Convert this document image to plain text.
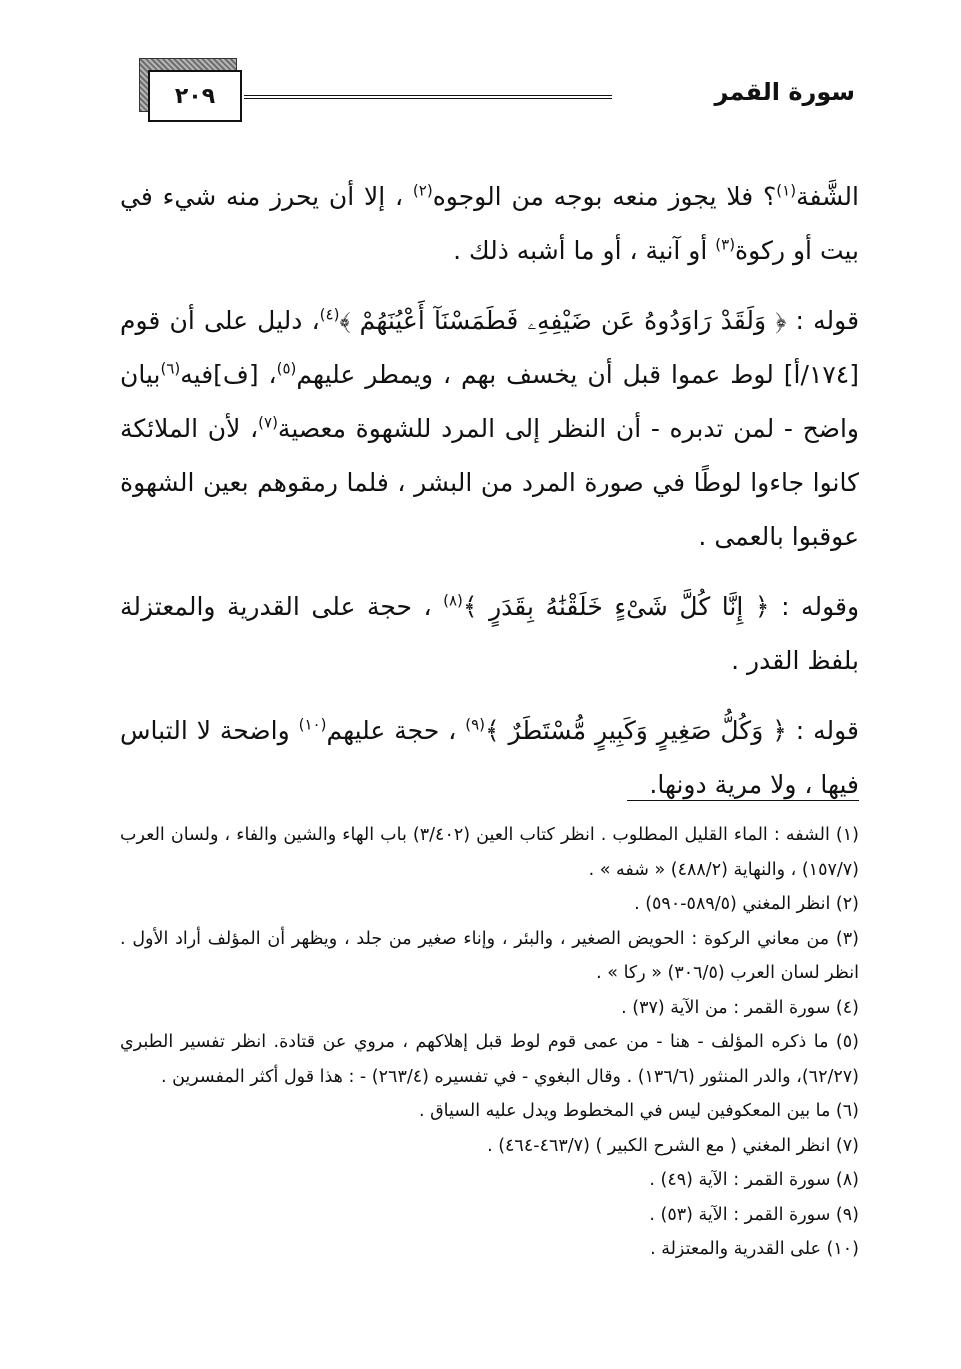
٢٠٩	سورة القمر

الشَّفة$^{(١)}$؟ فلا يجوز منعه بوجه من الوجوه$^{(٢)}$ ، إلا أن يحرز منه شيء في بيت أو ركوة$^{(٣)}$ أو آنية ، أو ما أشبه ذلك .

قوله : ﴿ وَلَقَدْ رَاوَدُوهُ عَن ضَيْفِهِۦ فَطَمَسْنَآ أَعْيُنَهُمْ ﴾$^{(٤)}$، دليل على أن قوم [١٧٤/أ] لوط عموا قبل أن يخسف بهم ، ويمطر عليهم$^{(٥)}$، [ف]فيه$^{(٦)}$بيان واضح - لمن تدبره - أن النظر إلى المرد للشهوة معصية$^{(٧)}$، لأن الملائكة كانوا جاءوا لوطًا في صورة المرد من البشر ، فلما رمقوهم بعين الشهوة عوقبوا بالعمى .

وقوله : ﴿ إِنَّا كُلَّ شَىْءٍ خَلَقْنَٰهُ بِقَدَرٍ ﴾$^{(٨)}$ ، حجة على القدرية والمعتزلة بلفظ القدر .

قوله : ﴿ وَكُلُّ صَغِيرٍ وَكَبِيرٍ مُّسْتَطَرٌ ﴾$^{(٩)}$ ، حجة عليهم$^{(١٠)}$ واضحة لا التباس فيها ، ولا مرية دونها.

(١) الشفه : الماء القليل المطلوب . انظر كتاب العين (٣/٤٠٢) باب الهاء والشين والفاء ، ولسان العرب (١٥٧/٧) ، والنهاية (٤٨٨/٢) « شفه » .

(٢) انظر المغني (٥٨٩/٥-٥٩٠) .

(٣) من معاني الركوة : الحويض الصغير ، والبئر ، وإناء صغير من جلد ، ويظهر أن المؤلف أراد الأول . انظر لسان العرب (٣٠٦/٥) « ركا » .

(٤) سورة القمر : من الآية (٣٧) .

(٥) ما ذكره المؤلف - هنا - من عمى قوم لوط قبل إهلاكهم ، مروي عن قتادة. انظر تفسير الطبري (٦٢/٢٧)، والدر المنثور (١٣٦/٦) . وقال البغوي - في تفسيره (٢٦٣/٤) - : هذا قول أكثر المفسرين .

(٦) ما بين المعكوفين ليس في المخطوط ويدل عليه السياق .

(٧) انظر المغني ( مع الشرح الكبير ) (٤٦٣/٧-٤٦٤) .

(٨) سورة القمر : الآية (٤٩) .

(٩) سورة القمر : الآية (٥٣) .

(١٠) على القدرية والمعتزلة .
